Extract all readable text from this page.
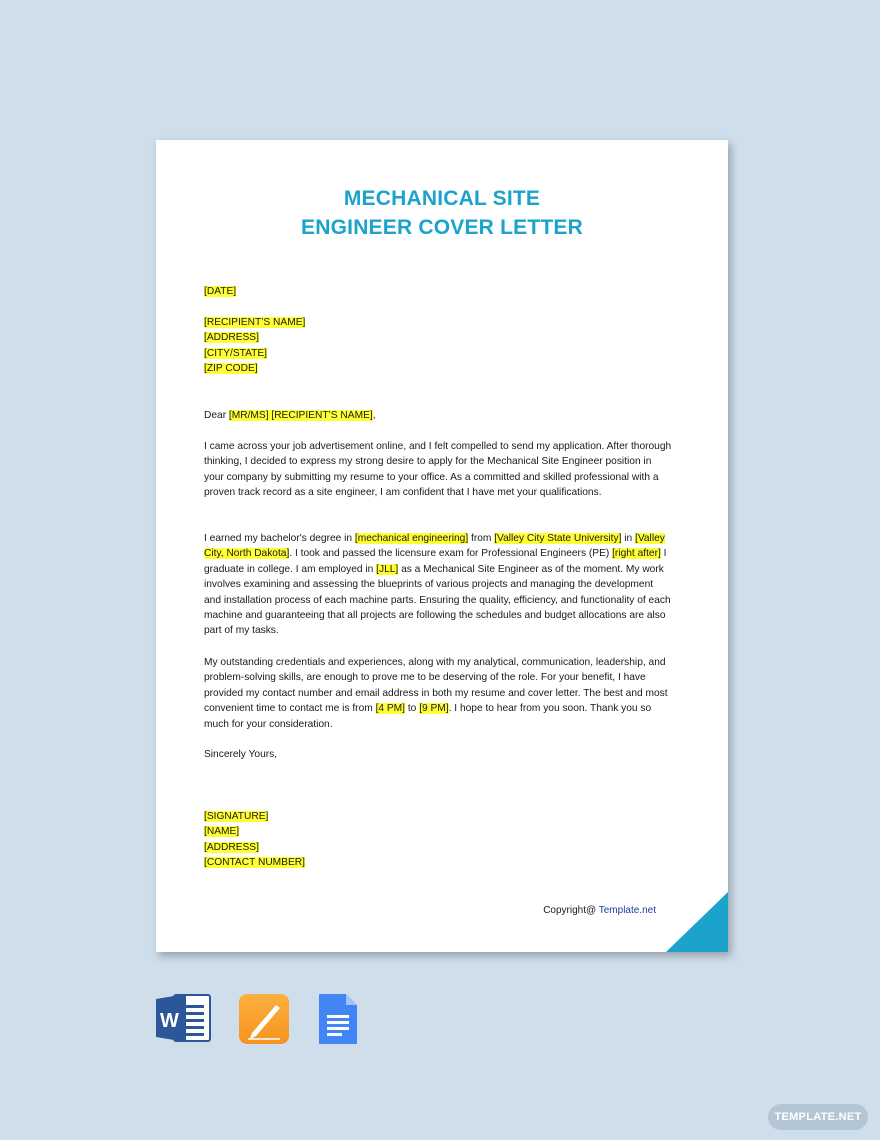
MECHANICAL SITE
ENGINEER COVER LETTER
[DATE]
[RECIPIENT’S NAME]
[ADDRESS]
[CITY/STATE]
[ZIP CODE]
Dear [MR/MS] [RECIPIENT’S NAME],
I came across your job advertisement online, and I felt compelled to send my application. After thorough thinking, I decided to express my strong desire to apply for the Mechanical Site Engineer position in your company by submitting my resume to your office. As a committed and skilled professional with a proven track record as a site engineer, I am confident that I have met your qualifications.
I earned my bachelor's degree in [mechanical engineering] from [Valley City State University] in [Valley City, North Dakota]. I took and passed the licensure exam for Professional Engineers (PE) [right after] I graduate in college. I am employed in [JLL] as a Mechanical Site Engineer as of the moment. My work involves examining and assessing the blueprints of various projects and managing the development and installation process of each machine parts. Ensuring the quality, efficiency, and functionality of each machine and guaranteeing that all projects are following the schedules and budget allocations are also part of my tasks.
My outstanding credentials and experiences, along with my analytical, communication, leadership, and problem-solving skills, are enough to prove me to be deserving of the role. For your benefit, I have provided my contact number and email address in both my resume and cover letter. The best and most convenient time to contact me is from [4 PM] to [9 PM]. I hope to hear from you soon. Thank you so much for your consideration.
Sincerely Yours,
[SIGNATURE]
[NAME]
[ADDRESS]
[CONTACT NUMBER]
Copyright@ Template.net
W
TEMPLATE.NET
